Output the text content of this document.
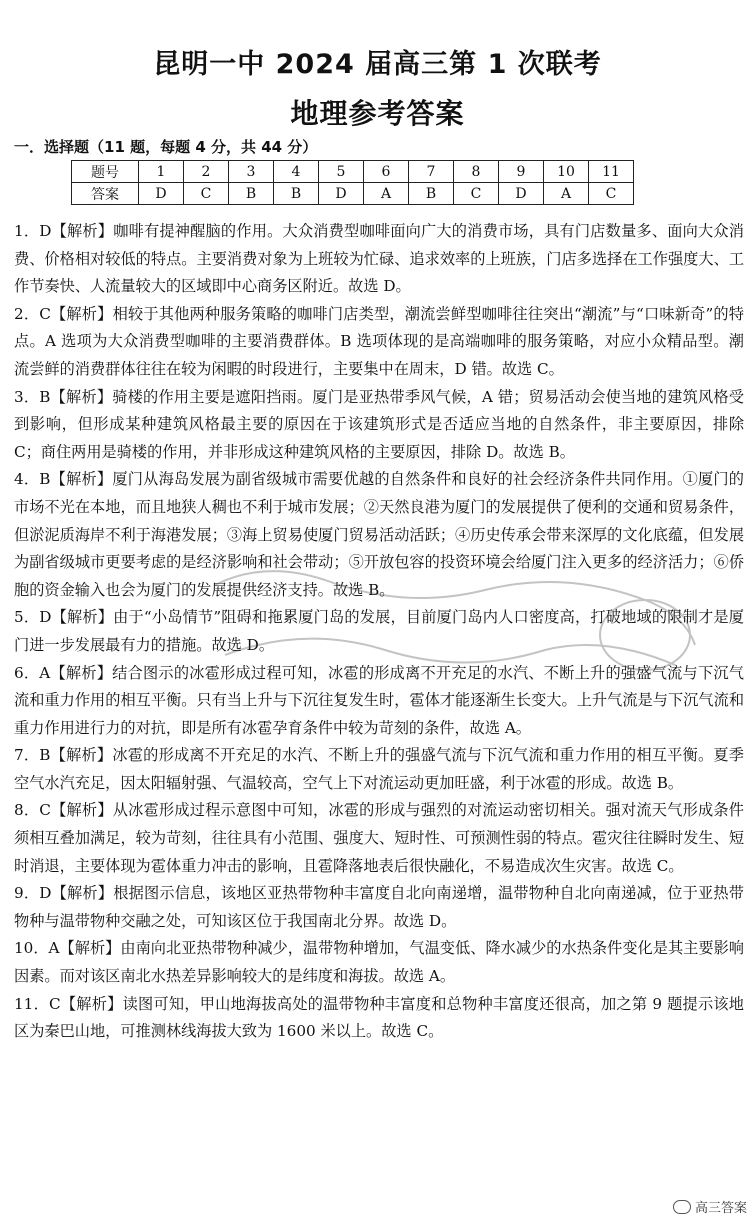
昆明一中 2024 届高三第 1 次联考
地理参考答案
一．选择题（11 题，每题 4 分，共 44 分）
题号	1	2	3	4	5	6	7	8	9	10	11
答案	D	C	B	B	D	A	B	C	D	A	C

1．D【解析】咖啡有提神醒脑的作用。大众消费型咖啡面向广大的消费市场，具有门店数量多、面向大众消费、价格相对较低的特点。主要消费对象为上班较为忙碌、追求效率的上班族，门店多选择在工作强度大、工作节奏快、人流量较大的区域即中心商务区附近。故选 D。

2．C【解析】相较于其他两种服务策略的咖啡门店类型，潮流尝鲜型咖啡往往突出“潮流”与“口味新奇”的特点。A 选项为大众消费型咖啡的主要消费群体。B 选项体现的是高端咖啡的服务策略，对应小众精品型。潮流尝鲜的消费群体往往在较为闲暇的时段进行，主要集中在周末，D 错。故选 C。

3．B【解析】骑楼的作用主要是遮阳挡雨。厦门是亚热带季风气候，A 错；贸易活动会使当地的建筑风格受到影响，但形成某种建筑风格最主要的原因在于该建筑形式是否适应当地的自然条件，非主要原因，排除 C；商住两用是骑楼的作用，并非形成这种建筑风格的主要原因，排除 D。故选 B。

4．B【解析】厦门从海岛发展为副省级城市需要优越的自然条件和良好的社会经济条件共同作用。①厦门的市场不光在本地，而且地狭人稠也不利于城市发展；②天然良港为厦门的发展提供了便利的交通和贸易条件，但淤泥质海岸不利于海港发展；③海上贸易使厦门贸易活动活跃；④历史传承会带来深厚的文化底蕴，但发展为副省级城市更要考虑的是经济影响和社会带动；⑤开放包容的投资环境会给厦门注入更多的经济活力；⑥侨胞的资金输入也会为厦门的发展提供经济支持。故选 B。

5．D【解析】由于“小岛情节”阻碍和拖累厦门岛的发展，目前厦门岛内人口密度高，打破地域的限制才是厦门进一步发展最有力的措施。故选 D。

6．A【解析】结合图示的冰雹形成过程可知，冰雹的形成离不开充足的水汽、不断上升的强盛气流与下沉气流和重力作用的相互平衡。只有当上升与下沉往复发生时，雹体才能逐渐生长变大。上升气流是与下沉气流和重力作用进行力的对抗，即是所有冰雹孕育条件中较为苛刻的条件，故选 A。

7．B【解析】冰雹的形成离不开充足的水汽、不断上升的强盛气流与下沉气流和重力作用的相互平衡。夏季空气水汽充足，因太阳辐射强、气温较高，空气上下对流运动更加旺盛，利于冰雹的形成。故选 B。

8．C【解析】从冰雹形成过程示意图中可知，冰雹的形成与强烈的对流运动密切相关。强对流天气形成条件须相互叠加满足，较为苛刻，往往具有小范围、强度大、短时性、可预测性弱的特点。雹灾往往瞬时发生、短时消退，主要体现为雹体重力冲击的影响，且雹降落地表后很快融化，不易造成次生灾害。故选 C。

9．D【解析】根据图示信息，该地区亚热带物种丰富度自北向南递增，温带物种自北向南递减，位于亚热带物种与温带物种交融之处，可知该区位于我国南北分界。故选 D。

10．A【解析】由南向北亚热带物种减少，温带物种增加，气温变低、降水减少的水热条件变化是其主要影响因素。而对该区南北水热差异影响较大的是纬度和海拔。故选 A。

11．C【解析】读图可知，甲山地海拔高处的温带物种丰富度和总物种丰富度还很高，加之第 9 题提示该地区为秦巴山地，可推测林线海拔大致为 1600 米以上。故选 C。

高三答案
